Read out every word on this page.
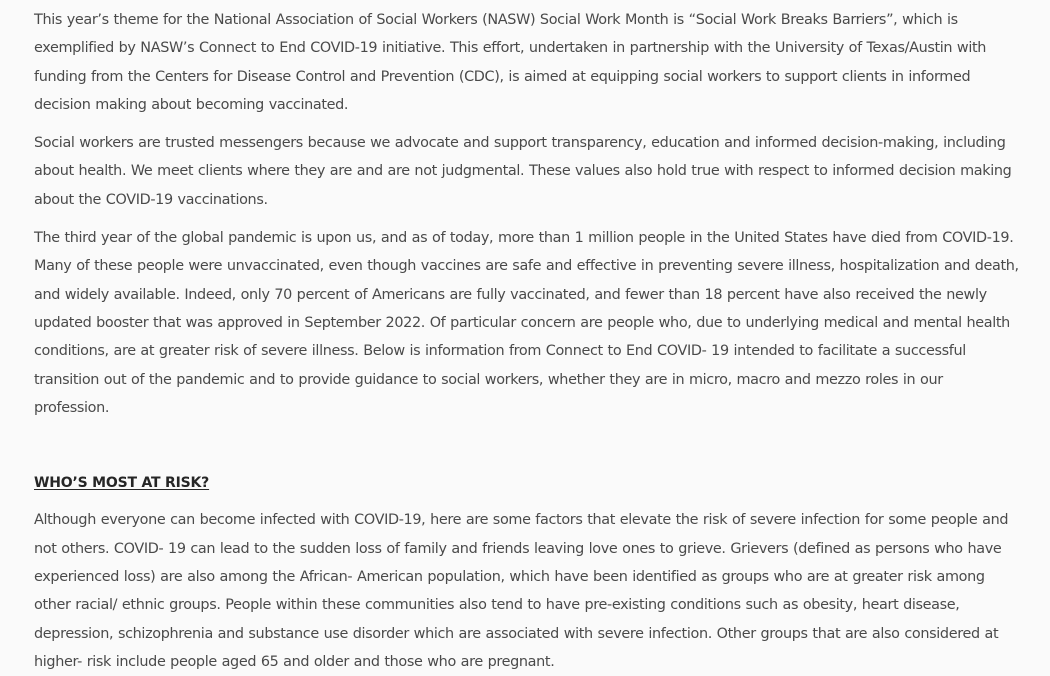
This year’s theme for the National Association of Social Workers (NASW) Social Work Month is “Social Work Breaks Barriers”, which is exemplified by NASW’s Connect to End COVID-19 initiative. This effort, undertaken in partnership with the University of Texas/Austin with funding from the Centers for Disease Control and Prevention (CDC), is aimed at equipping social workers to support clients in informed decision making about becoming vaccinated.

Social workers are trusted messengers because we advocate and support transparency, education and informed decision-making, including about health. We meet clients where they are and are not judgmental. These values also hold true with respect to informed decision making about the COVID-19 vaccinations.

The third year of the global pandemic is upon us, and as of today, more than 1 million people in the United States have died from COVID-19. Many of these people were unvaccinated, even though vaccines are safe and effective in preventing severe illness, hospitalization and death, and widely available. Indeed, only 70 percent of Americans are fully vaccinated, and fewer than 18 percent have also received the newly updated booster that was approved in September 2022. Of particular concern are people who, due to underlying medical and mental health conditions, are at greater risk of severe illness. Below is information from Connect to End COVID- 19 intended to facilitate a successful transition out of the pandemic and to provide guidance to social workers, whether they are in micro, macro and mezzo roles in our profession.

WHO’S MOST AT RISK?

Although everyone can become infected with COVID-19, here are some factors that elevate the risk of severe infection for some people and not others. COVID- 19 can lead to the sudden loss of family and friends leaving love ones to grieve. Grievers (defined as persons who have experienced loss) are also among the African- American population, which have been identified as groups who are at greater risk among other racial/ ethnic groups. People within these communities also tend to have pre-existing conditions such as obesity, heart disease, depression, schizophrenia and substance use disorder which are associated with severe infection. Other groups that are also considered at higher- risk include people aged 65 and older and those who are pregnant.
